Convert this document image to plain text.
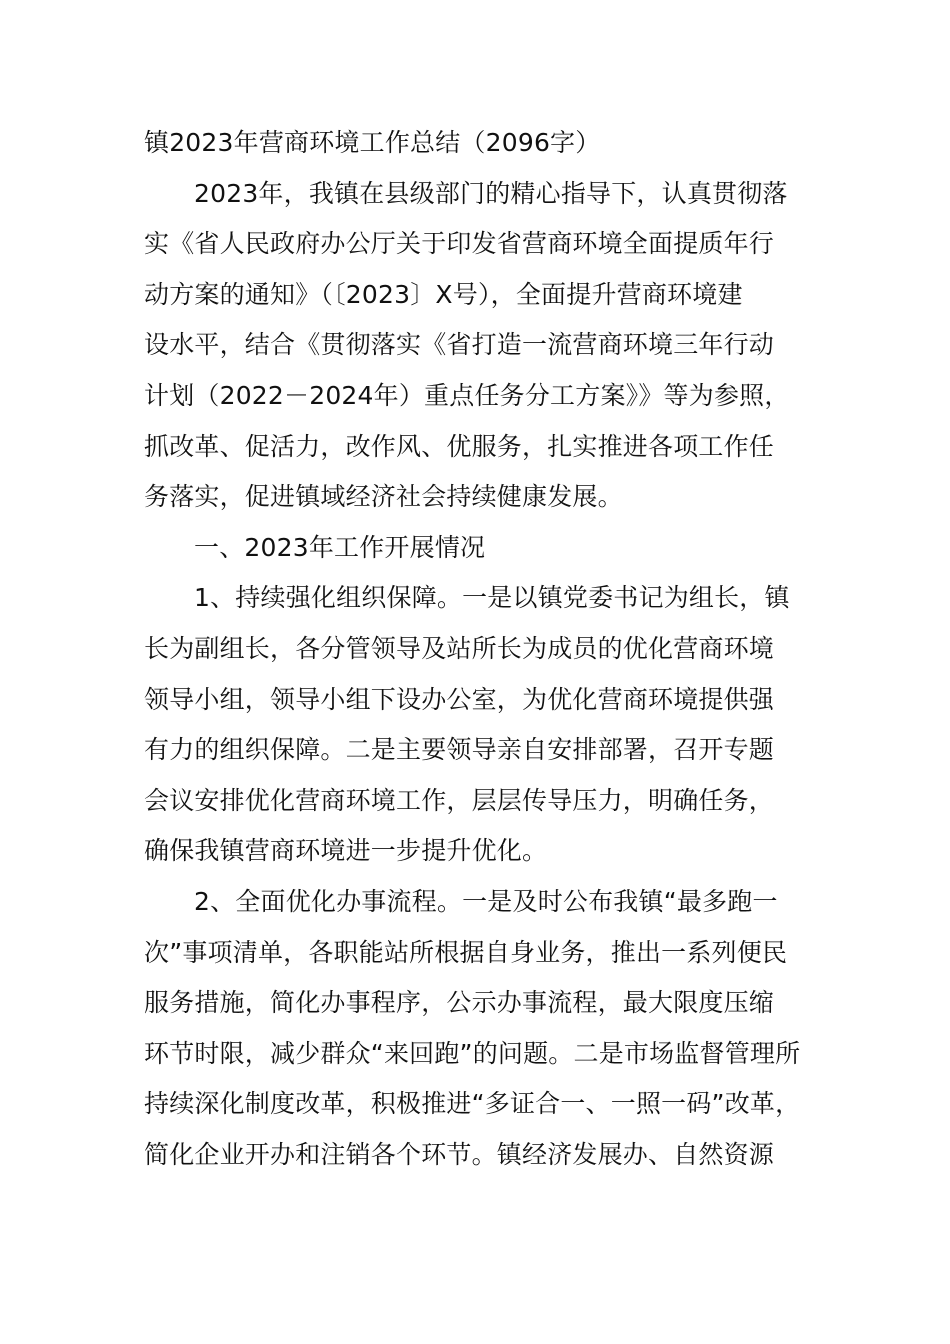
镇2023年营商环境工作总结（2096字）

2023年，我镇在县级部门的精心指导下，认真贯彻落
实《省人民政府办公厅关于印发省营商环境全面提质年行
动方案的通知》（〔2023〕X号），全面提升营商环境建
设水平，结合《贯彻落实《省打造一流营商环境三年行动
计划（2022－2024年）重点任务分工方案》》等为参照，
抓改革、促活力，改作风、优服务，扎实推进各项工作任
务落实，促进镇域经济社会持续健康发展。

一、2023年工作开展情况

1、持续强化组织保障。一是以镇党委书记为组长，镇
长为副组长，各分管领导及站所长为成员的优化营商环境
领导小组，领导小组下设办公室，为优化营商环境提供强
有力的组织保障。二是主要领导亲自安排部署，召开专题
会议安排优化营商环境工作，层层传导压力，明确任务，
确保我镇营商环境进一步提升优化。

2、全面优化办事流程。一是及时公布我镇“最多跑一
次”事项清单，各职能站所根据自身业务，推出一系列便民
服务措施，简化办事程序，公示办事流程，最大限度压缩
环节时限，减少群众“来回跑”的问题。二是市场监督管理所
持续深化制度改革，积极推进“多证合一、一照一码”改革，
简化企业开办和注销各个环节。镇经济发展办、自然资源
